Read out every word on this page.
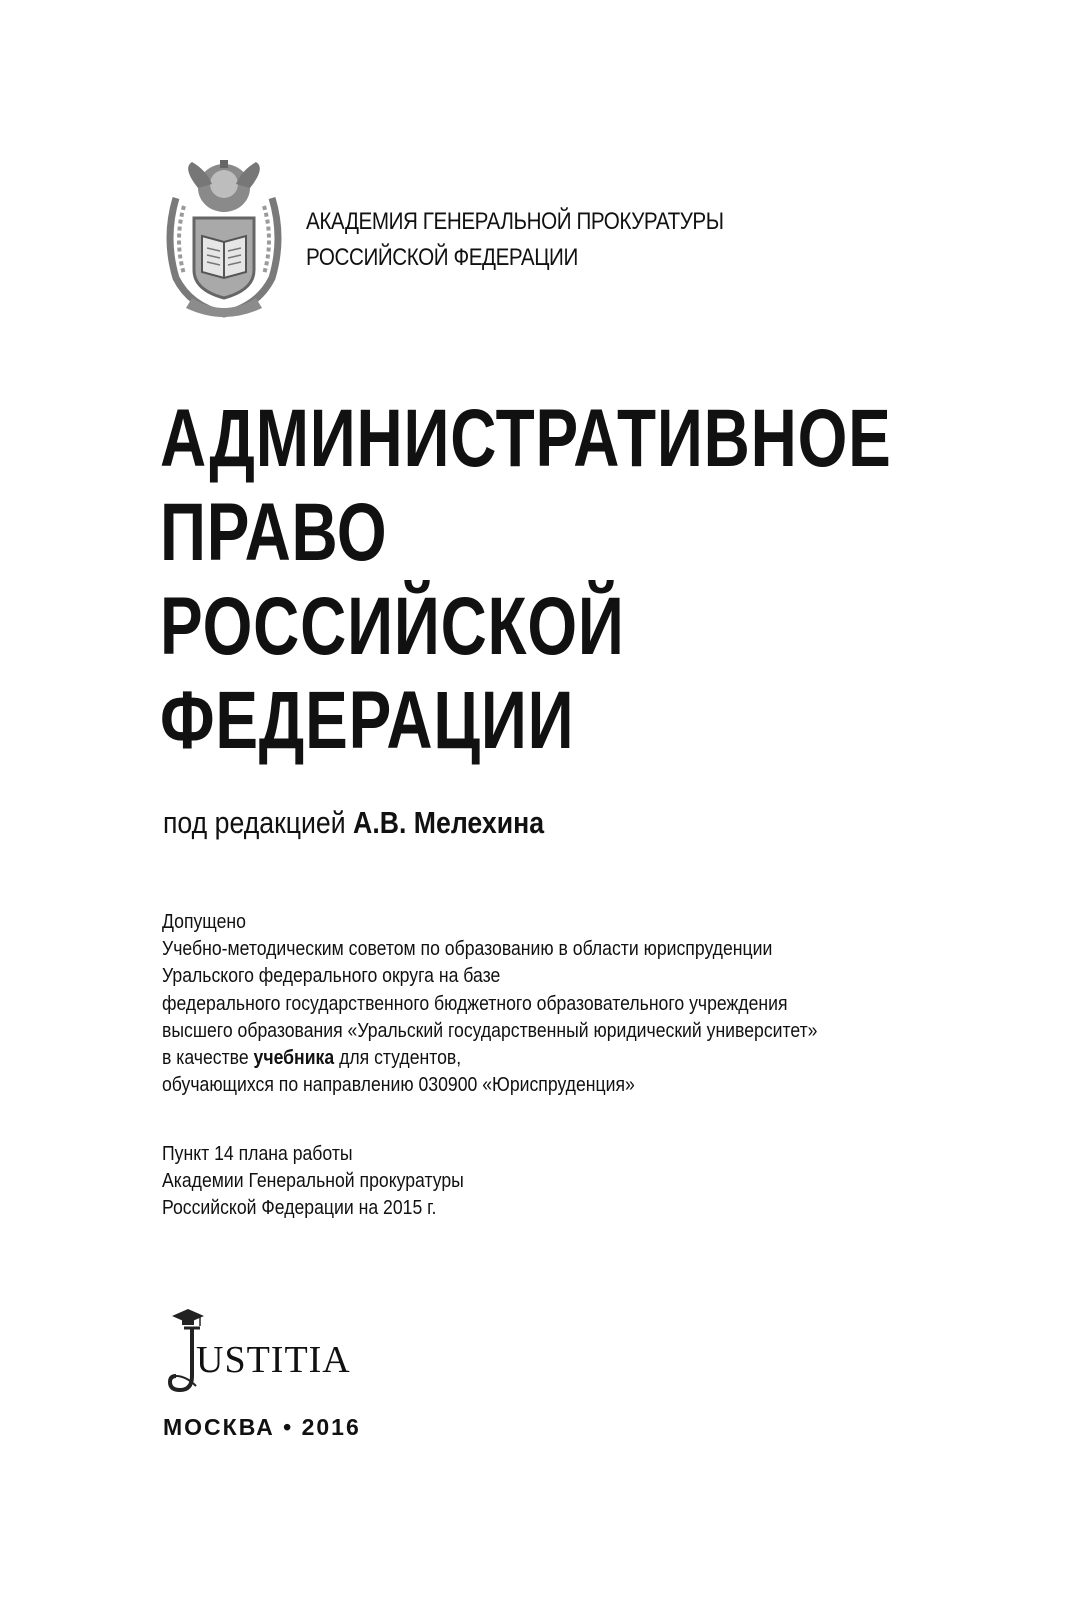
АКАДЕМИЯ ГЕНЕРАЛЬНОЙ ПРОКУРАТУРЫ
РОССИЙСКОЙ ФЕДЕРАЦИИ
АДМИНИСТРАТИВНОЕ
ПРАВО
РОССИЙСКОЙ
ФЕДЕРАЦИИ
под редакцией А.В. Мелехина
Допущено
Учебно-методическим советом по образованию в области юриспруденции
Уральского федерального округа на базе
федерального государственного бюджетного образовательного учреждения
высшего образования «Уральский государственный юридический университет»
в качестве учебника для студентов,
обучающихся по направлению 030900 «Юриспруденция»
Пункт 14 плана работы
Академии Генеральной прокуратуры
Российской Федерации на 2015 г.
USTITIA
МОСКВА • 2016
